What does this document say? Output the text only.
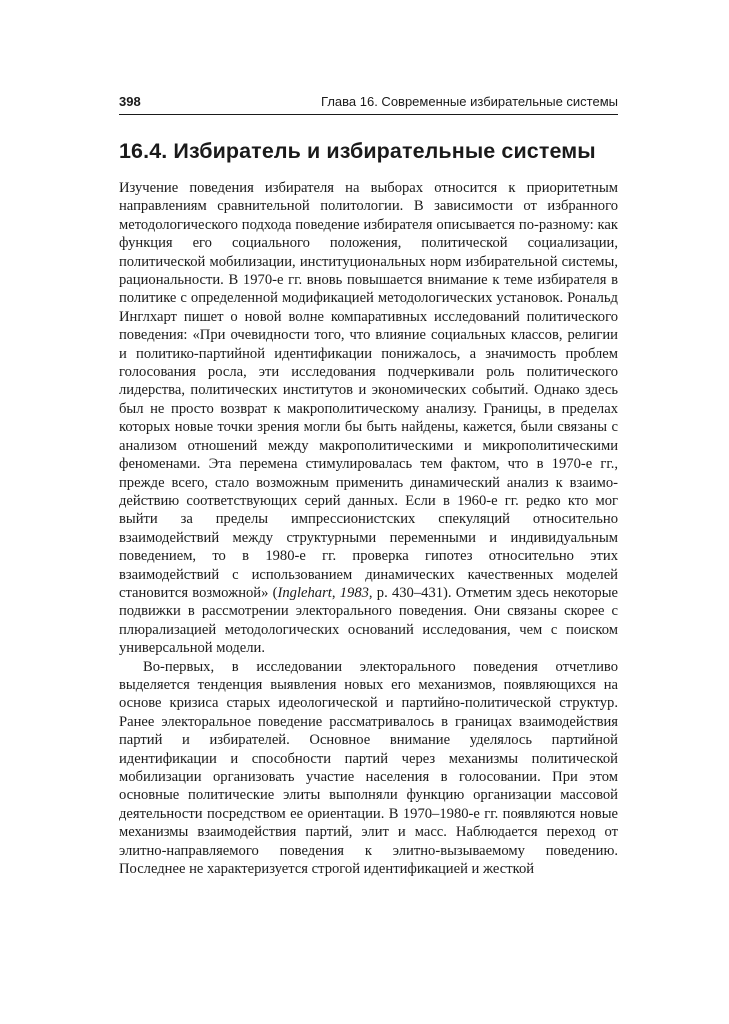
398	Глава 16. Современные избирательные системы
16.4. Избиратель и избирательные системы

Изучение поведения избирателя на выборах относится к приоритетным направлениям сравнительной политологии. В зависимости от избранного методологического подхода поведение избирателя описывается по-разному: как функция его социального положения, политической социализации, политической мобилизации, институциональных норм избирательной системы, рациональности. В 1970-е гг. вновь повышается внимание к теме избирателя в политике с определенной модификацией методологических установок. Рональд Инглхарт пишет о новой волне компаративных исследований политического поведения: «При очевидности того, что влияние социальных классов, религии и политико-партийной идентификации понижалось, а значимость проблем голосования росла, эти исследования подчеркивали роль политического лидерства, политических институтов и экономических событий. Однако здесь был не просто возврат к макрополитическому анализу. Границы, в пределах которых новые точки зрения могли бы быть найдены, кажется, были связаны с анализом отношений между макрополитическими и микрополитическими феноменами. Эта перемена стимулировалась тем фактом, что в 1970-е гг., прежде всего, стало возможным применить динамический анализ к взаимодействию соответствующих серий данных. Если в 1960-е гг. редко кто мог выйти за пределы импрессионистских спекуляций относительно взаимодействий между структурными переменными и индивидуальным поведением, то в 1980-е гг. проверка гипотез относительно этих взаимодействий с использованием динамических качественных моделей становится возможной» (Inglehart, 1983, p. 430–431). Отметим здесь некоторые подвижки в рассмотрении электорального поведения. Они связаны скорее с плюрализацией методологических оснований исследования, чем с поиском универсальной модели.

Во-первых, в исследовании электорального поведения отчетливо выделяется тенденция выявления новых его механизмов, появляющихся на основе кризиса старых идеологической и партийно-политической структур. Ранее электоральное поведение рассматривалось в границах взаимодействия партий и избирателей. Основное внимание уделялось партийной идентификации и способности партий через механизмы политической мобилизации организовать участие населения в голосовании. При этом основные политические элиты выполняли функцию организации массовой деятельности посредством ее ориентации. В 1970–1980-е гг. появляются новые механизмы взаимодействия партий, элит и масс. Наблюдается переход от элитно-направляемого поведения к элитно-вызываемому поведению. Последнее не характеризуется строгой идентификацией и жесткой
